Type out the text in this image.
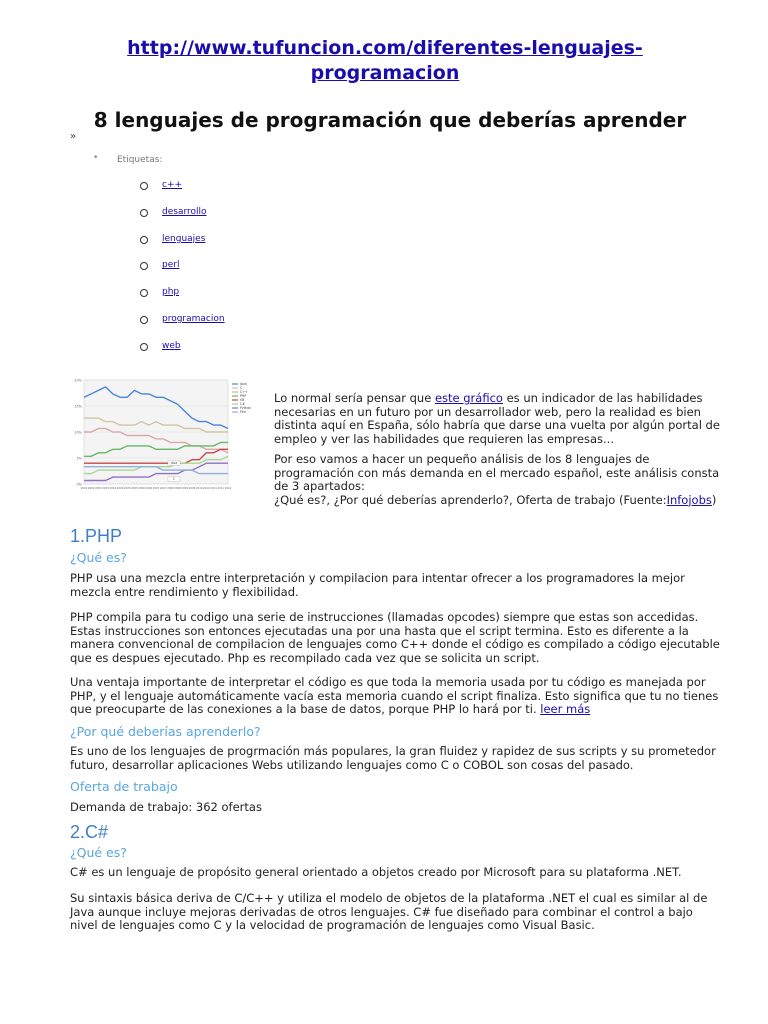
http://www.tufuncion.com/diferentes-lenguajes-programacion
8 lenguajes de programación que deberías aprender
»
• Etiquetas:
c++
desarrollo
lenguajes
perl
php
programacion
web
20%
15%
10%
5%
0%
2002 2002 2003 2003 2004 2004 2005 2005 2006 2006 2007 2007 2008 2008 2009 2009 2010 2010 2011 2011 2012
Java
C
C++
PHP
VB
C#
Python
Perl
Java
C

Lo normal sería pensar que este gráfico es un indicador de las habilidades necesarias en un futuro por un desarrollador web, pero la realidad es bien distinta aquí en España, sólo habría que darse una vuelta por algún portal de empleo y ver las habilidades que requieren las empresas...

Por eso vamos a hacer un pequeño análisis de los 8 lenguajes de programación con más demanda en el mercado español, este análisis consta de 3 apartados:
¿Qué es?, ¿Por qué deberías aprenderlo?, Oferta de trabajo (Fuente:Infojobs)

1.PHP
¿Qué es?
PHP usa una mezcla entre interpretación y compilacion para intentar ofrecer a los programadores la mejor mezcla entre rendimiento y flexibilidad.
PHP compila para tu codigo una serie de instrucciones (llamadas opcodes) siempre que estas son accedidas. Estas instrucciones son entonces ejecutadas una por una hasta que el script termina. Esto es diferente a la manera convencional de compilacion de lenguajes como C++ donde el código es compilado a código ejecutable que es despues ejecutado. Php es recompilado cada vez que se solicita un script.
Una ventaja importante de interpretar el código es que toda la memoria usada por tu código es manejada por PHP, y el lenguaje automáticamente vacía esta memoria cuando el script finaliza. Esto significa que tu no tienes que preocuparte de las conexiones a la base de datos, porque PHP lo hará por ti. leer más
¿Por qué deberías aprenderlo?
Es uno de los lenguajes de progrmación más populares, la gran fluidez y rapidez de sus scripts y su prometedor futuro, desarrollar aplicaciones Webs utilizando lenguajes como C o COBOL son cosas del pasado.
Oferta de trabajo
Demanda de trabajo: 362 ofertas
2.C#
¿Qué es?
C# es un lenguaje de propósito general orientado a objetos creado por Microsoft para su plataforma .NET.
Su sintaxis básica deriva de C/C++ y utiliza el modelo de objetos de la plataforma .NET el cual es similar al de Java aunque incluye mejoras derivadas de otros lenguajes. C# fue diseñado para combinar el control a bajo nivel de lenguajes como C y la velocidad de programación de lenguajes como Visual Basic.
